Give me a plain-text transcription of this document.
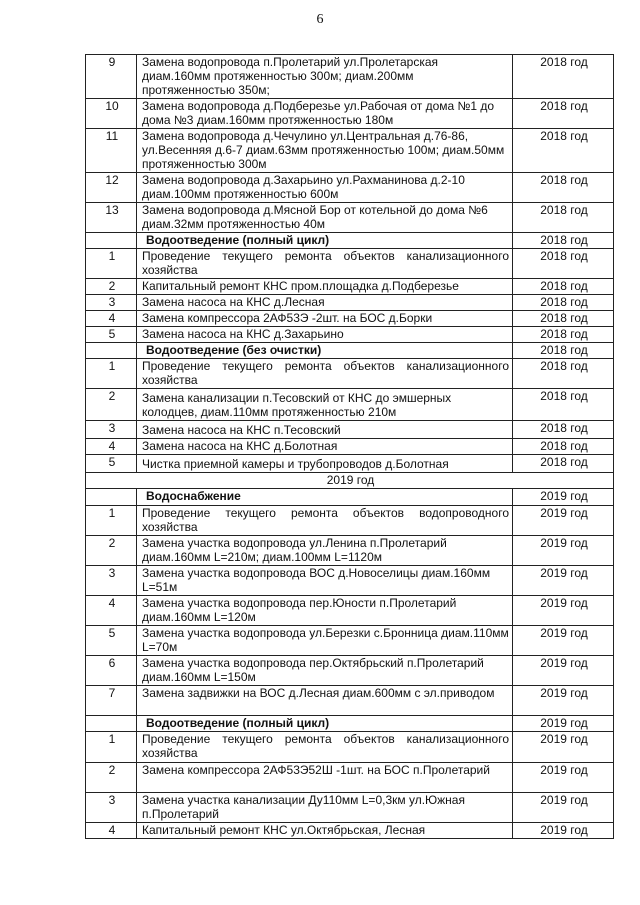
6
9	Замена водопровода п.Пролетарий ул.Пролетарская диам.160мм протяженностью 300м; диам.200мм протяженностью 350м;	2018 год
10	Замена водопровода д.Подберезье ул.Рабочая от дома №1 до дома №3 диам.160мм протяженностью 180м	2018 год
11	Замена водопровода д.Чечулино ул.Центральная д.76-86, ул.Весенняя д.6-7 диам.63мм протяженностью 100м; диам.50мм протяженностью 300м	2018 год
12	Замена водопровода д.Захарьино ул.Рахманинова д.2-10 диам.100мм протяженностью 600м	2018 год
13	Замена водопровода д.Мясной Бор от котельной до дома №6 диам.32мм протяженностью 40м	2018 год
	Водоотведение (полный цикл)	2018 год
1	Проведение текущего ремонта объектов канализационного хозяйства	2018 год
2	Капитальный ремонт КНС пром.площадка д.Подберезье	2018 год
3	Замена насоса на КНС д.Лесная	2018 год
4	Замена компрессора 2АФ53Э -2шт. на БОС д.Борки	2018 год
5	Замена насоса на КНС д.Захарьино	2018 год
	Водоотведение (без очистки)	2018 год
1	Проведение текущего ремонта объектов канализационного хозяйства	2018 год
2	Замена канализации п.Тесовский от КНС до эмшерных колодцев, диам.110мм протяженностью 210м	2018 год
3	Замена насоса на КНС п.Тесовский	2018 год
4	Замена насоса на КНС д.Болотная	2018 год
5	Чистка приемной камеры и трубопроводов д.Болотная	2018 год
2019 год		
	Водоснабжение	2019 год
1	Проведение текущего ремонта объектов водопроводного хозяйства	2019 год
2	Замена участка водопровода ул.Ленина п.Пролетарий диам.160мм L=210м; диам.100мм L=1120м	2019 год
3	Замена участка водопровода ВОС д.Новоселицы диам.160мм L=51м	2019 год
4	Замена участка водопровода пер.Юности п.Пролетарий диам.160мм L=120м	2019 год
5	Замена участка водопровода ул.Березки с.Бронница диам.110мм L=70м	2019 год
6	Замена участка водопровода пер.Октябрьский п.Пролетарий диам.160мм L=150м	2019 год
7	Замена задвижки на ВОС д.Лесная диам.600мм с эл.приводом	2019 год
	Водоотведение (полный цикл)	2019 год
1	Проведение текущего ремонта объектов канализационного хозяйства	2019 год
2	Замена компрессора 2АФ53Э52Ш -1шт. на БОС п.Пролетарий	2019 год
3	Замена участка канализации Ду110мм L=0,3км ул.Южная п.Пролетарий	2019 год
4	Капитальный ремонт КНС ул.Октябрьская, Лесная	2019 год
